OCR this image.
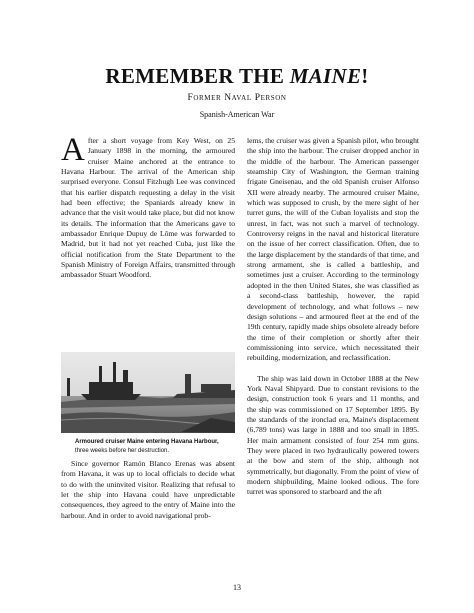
REMEMBER THE MAINE!
Former Naval Person
Spanish-American War

After a short voyage from Key West, on 25 January 1898 in the morning, the armoured cruiser Maine anchored at the entrance to Havana Harbour. The arrival of the American ship surprised everyone. Consul Fitzhugh Lee was convinced that his earlier dispatch requesting a delay in the visit had been effective; the Spaniards already knew in advance that the visit would take place, but did not know its details. The information that the Americans gave to ambassador Enrique Dupuy de Lôme was forwarded to Madrid, but it had not yet reached Cuba, just like the official notification from the State Department to the Spanish Ministry of Foreign Affairs, transmitted through ambassador Stuart Woodford.

Armoured cruiser Maine entering Havana Harbour, three weeks before her destruction.

Since governor Ramón Blanco Erenas was absent from Havana, it was up to local officials to decide what to do with the uninvited visitor. Realizing that refusal to let the ship into Havana could have unpredictable consequences, they agreed to the entry of Maine into the harbour. And in order to avoid navigational prob-

lems, the cruiser was given a Spanish pilot, who brought the ship into the harbour. The cruiser dropped anchor in the middle of the harbour. The American passenger steamship City of Washington, the German training frigate Gneisenau, and the old Spanish cruiser Alfonso XII were already nearby. The armoured cruiser Maine, which was supposed to crush, by the mere sight of her turret guns, the will of the Cuban loyalists and stop the unrest, in fact, was not such a marvel of technology. Controversy reigns in the naval and historical literature on the issue of her correct classification. Often, due to the large displacement by the standards of that time, and strong armament, she is called a battleship, and sometimes just a cruiser. According to the terminology adopted in the then United States, she was classified as a second-class battleship, however, the rapid development of technology, and what follows – new design solutions – and armoured fleet at the end of the 19th century, rapidly made ships obsolete already before the time of their completion or shortly after their commissioning into service, which necessitated their rebuilding, modernization, and reclassification.

The ship was laid down in October 1888 at the New York Naval Shipyard. Due to constant revisions to the design, construction took 6 years and 11 months, and the ship was commissioned on 17 September 1895. By the standards of the ironclad era, Maine's displacement (6,789 tons) was large in 1888 and too small in 1895. Her main armament consisted of four 254 mm guns. They were placed in two hydraulically powered towers at the bow and stern of the ship, although not symmetrically, but diagonally. From the point of view of modern shipbuilding, Maine looked odious. The fore turret was sponsored to starboard and the aft

13
